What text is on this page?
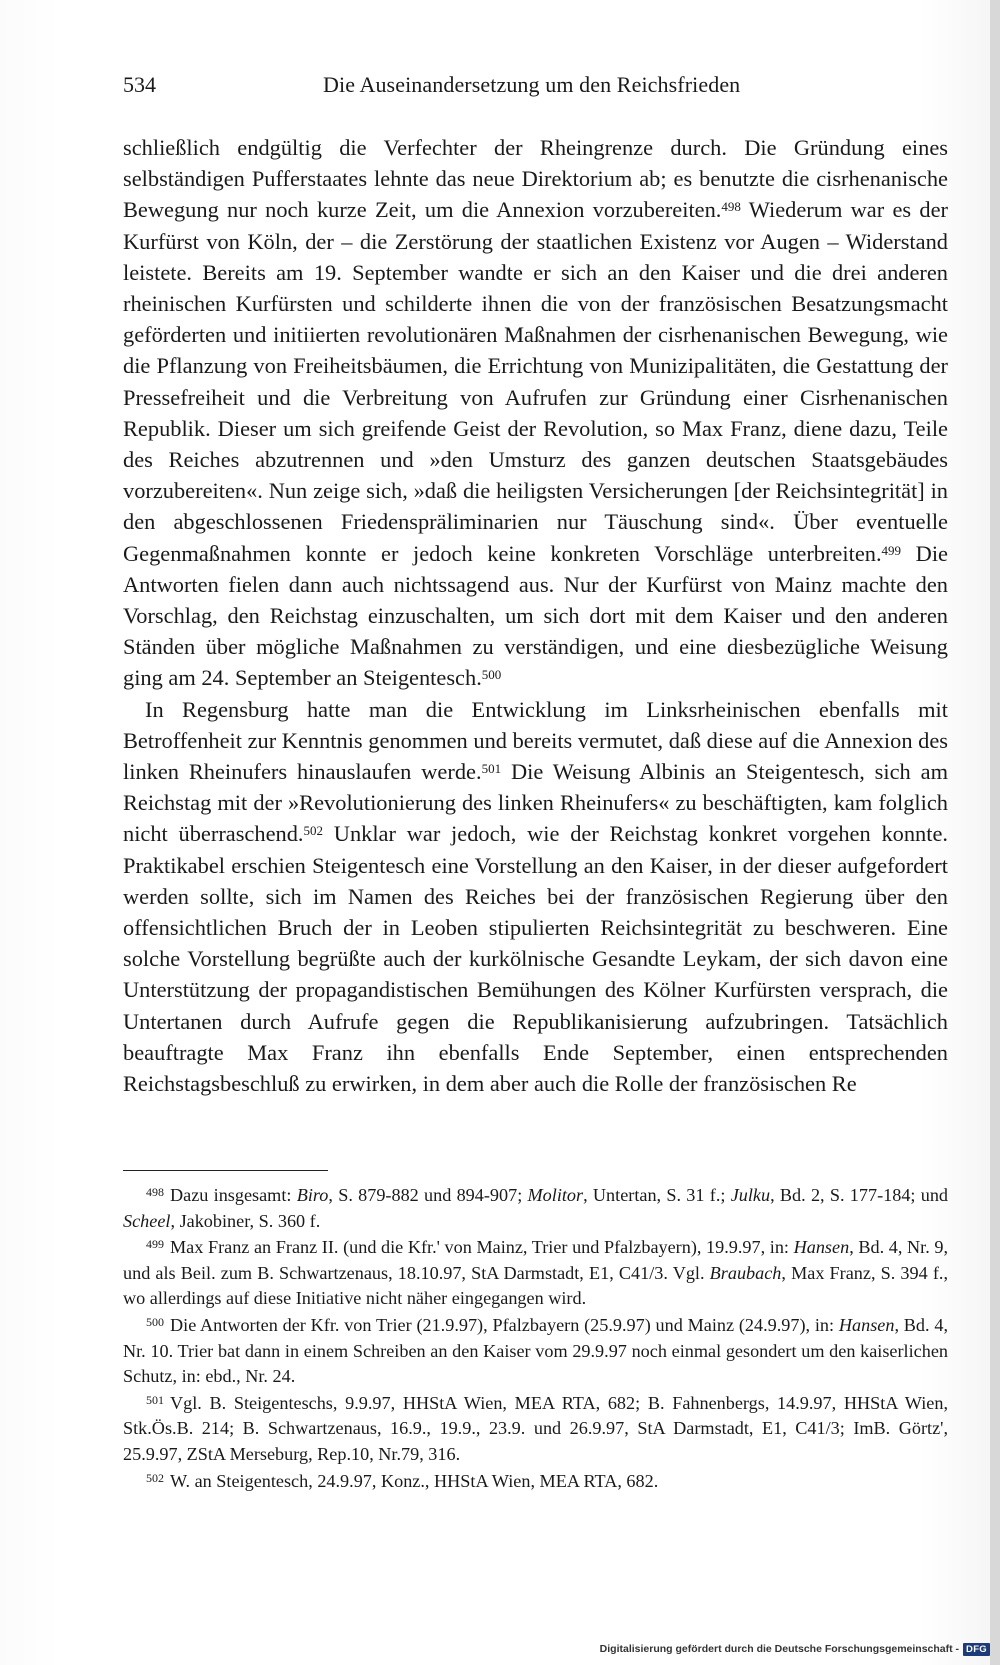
534	Die Auseinandersetzung um den Reichsfrieden

schließlich endgültig die Verfechter der Rheingrenze durch. Die Gründung eines selbständigen Pufferstaates lehnte das neue Direktorium ab; es benutzte die cisrhenanische Bewegung nur noch kurze Zeit, um die Annexion vorzubereiten.$^{498}$ Wiederum war es der Kurfürst von Köln, der – die Zerstörung der staatlichen Existenz vor Augen – Widerstand leistete. Bereits am 19. September wandte er sich an den Kaiser und die drei anderen rheinischen Kurfürsten und schilderte ihnen die von der französischen Besatzungsmacht geförderten und initiierten revolutionären Maßnahmen der cisrhenanischen Bewegung, wie die Pflanzung von Freiheitsbäumen, die Errichtung von Munizipalitäten, die Gestattung der Pressefreiheit und die Verbreitung von Aufrufen zur Gründung einer Cisrhenanischen Republik. Dieser um sich greifende Geist der Revolution, so Max Franz, diene dazu, Teile des Reiches abzutrennen und »den Umsturz des ganzen deutschen Staatsgebäudes vorzubereiten«. Nun zeige sich, »daß die heiligsten Versicherungen [der Reichsintegrität] in den abgeschlossenen Friedenspräliminarien nur Täuschung sind«. Über eventuelle Gegenmaßnahmen konnte er jedoch keine konkreten Vorschläge unterbreiten.$^{499}$ Die Antworten fielen dann auch nichtssagend aus. Nur der Kurfürst von Mainz machte den Vorschlag, den Reichstag einzuschalten, um sich dort mit dem Kaiser und den anderen Ständen über mögliche Maßnahmen zu verständigen, und eine diesbezügliche Weisung ging am 24. September an Steigentesch.$^{500}$

In Regensburg hatte man die Entwicklung im Linksrheinischen ebenfalls mit Betroffenheit zur Kenntnis genommen und bereits vermutet, daß diese auf die Annexion des linken Rheinufers hinauslaufen werde.$^{501}$ Die Weisung Albinis an Steigentesch, sich am Reichstag mit der »Revolutionierung des linken Rheinufers« zu beschäftigten, kam folglich nicht überraschend.$^{502}$ Unklar war jedoch, wie der Reichstag konkret vorgehen konnte. Praktikabel erschien Steigentesch eine Vorstellung an den Kaiser, in der dieser aufgefordert werden sollte, sich im Namen des Reiches bei der französischen Regierung über den offensichtlichen Bruch der in Leoben stipulierten Reichsintegrität zu beschweren. Eine solche Vorstellung begrüßte auch der kurkölnische Gesandte Leykam, der sich davon eine Unterstützung der propagandistischen Bemühungen des Kölner Kurfürsten versprach, die Untertanen durch Aufrufe gegen die Republikanisierung aufzubringen. Tatsächlich beauftragte Max Franz ihn ebenfalls Ende September, einen entsprechenden Reichstagsbeschluß zu erwirken, in dem aber auch die Rolle der französischen Re

$^{498}$ Dazu insgesamt: Biro, S. 879-882 und 894-907; Molitor, Untertan, S. 31 f.; Julku, Bd. 2, S. 177-184; und Scheel, Jakobiner, S. 360 f.

$^{499}$ Max Franz an Franz II. (und die Kfr.' von Mainz, Trier und Pfalzbayern), 19.9.97, in: Hansen, Bd. 4, Nr. 9, und als Beil. zum B. Schwartzenaus, 18.10.97, StA Darmstadt, E1, C41/3. Vgl. Braubach, Max Franz, S. 394 f., wo allerdings auf diese Initiative nicht näher eingegangen wird.

$^{500}$ Die Antworten der Kfr. von Trier (21.9.97), Pfalzbayern (25.9.97) und Mainz (24.9.97), in: Hansen, Bd. 4, Nr. 10. Trier bat dann in einem Schreiben an den Kaiser vom 29.9.97 noch einmal gesondert um den kaiserlichen Schutz, in: ebd., Nr. 24.

$^{501}$ Vgl. B. Steigenteschs, 9.9.97, HHStA Wien, MEA RTA, 682; B. Fahnenbergs, 14.9.97, HHStA Wien, Stk.Ös.B. 214; B. Schwartzenaus, 16.9., 19.9., 23.9. und 26.9.97, StA Darmstadt, E1, C41/3; ImB. Görtz', 25.9.97, ZStA Merseburg, Rep.10, Nr.79, 316.

$^{502}$ W. an Steigentesch, 24.9.97, Konz., HHStA Wien, MEA RTA, 682.

Digitalisierung gefördert durch die Deutsche Forschungsgemeinschaft - DFG
